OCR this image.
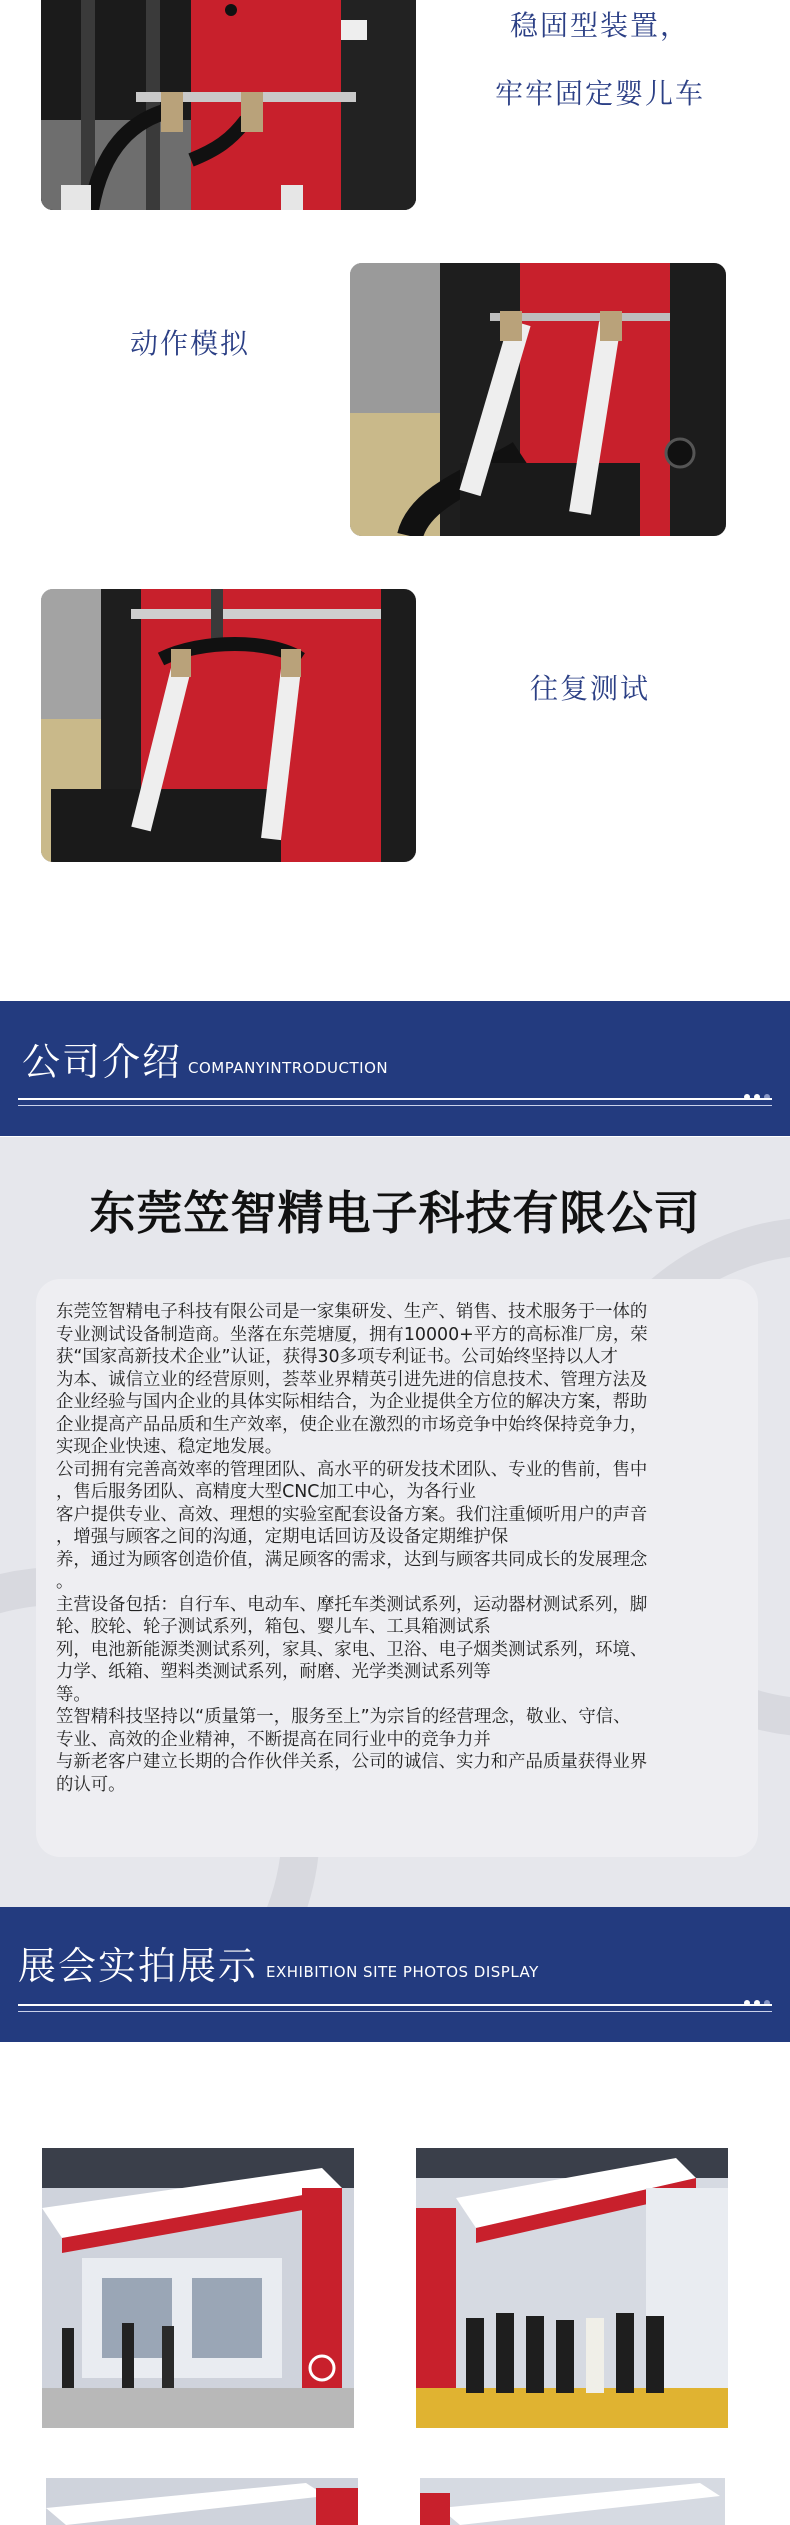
稳固型装置，
牢牢固定婴儿车
动作模拟
往复测试
公司介绍 COMPANYINTRODUCTION
东莞笠智精电子科技有限公司

东莞笠智精电子科技有限公司是一家集研发、生产、销售、技术服务于一体的
专业测试设备制造商。坐落在东莞塘厦，拥有10000+平方的高标准厂房，荣
获“国家高新技术企业”认证，获得30多项专利证书。公司始终坚持以人才
为本、诚信立业的经营原则，荟萃业界精英引进先进的信息技术、管理方法及
企业经验与国内企业的具体实际相结合，为企业提供全方位的解决方案，帮助
企业提高产品品质和生产效率，使企业在激烈的市场竞争中始终保持竞争力，
实现企业快速、稳定地发展。
公司拥有完善高效率的管理团队、高水平的研发技术团队、专业的售前，售中
，售后服务团队、高精度大型CNC加工中心，为各行业
客户提供专业、高效、理想的实验室配套设备方案。我们注重倾听用户的声音
，增强与顾客之间的沟通，定期电话回访及设备定期维护保
养，通过为顾客创造价值，满足顾客的需求，达到与顾客共同成长的发展理念
。
主营设备包括：自行车、电动车、摩托车类测试系列，运动器材测试系列，脚
轮、胶轮、轮子测试系列，箱包、婴儿车、工具箱测试系
列，电池新能源类测试系列，家具、家电、卫浴、电子烟类测试系列，环境、
力学、纸箱、塑料类测试系列，耐磨、光学类测试系列等
等。
笠智精科技坚持以“质量第一，服务至上”为宗旨的经营理念，敬业、守信、
专业、高效的企业精神，不断提高在同行业中的竞争力并
与新老客户建立长期的合作伙伴关系，公司的诚信、实力和产品质量获得业界
的认可。

展会实拍展示 EXHIBITION SITE PHOTOS DISPLAY
